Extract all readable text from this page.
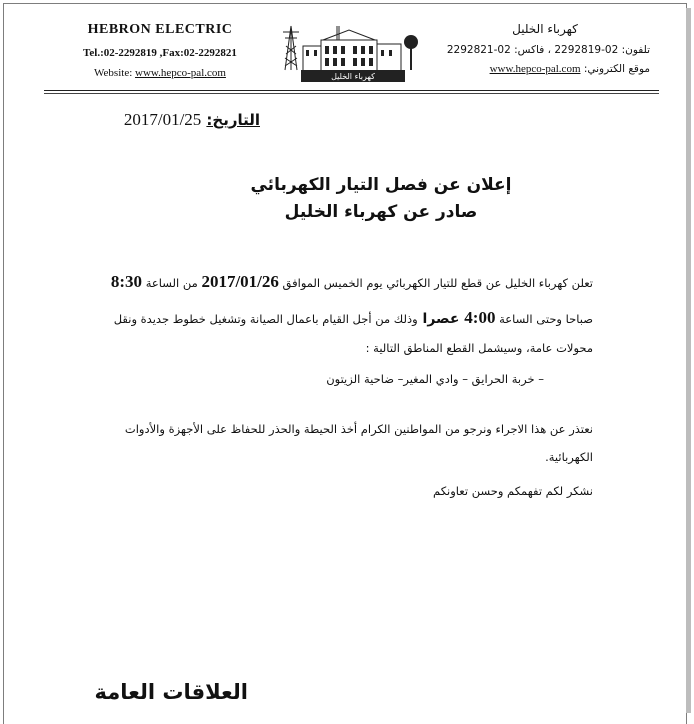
HEBRON ELECTRIC
Tel.:02-2292819 ,Fax:02-2292821
Website: www.hepco-pal.com	كهرباء الخليل
كهرباء الخليل
تلفون: 02-2292819 ، فاكس: 02-2292821
موقع الكتروني: www.hepco-pal.com
التاريخ: 2017/01/25
إعلان عن فصل التيار الكهربائي
صادر عن كهرباء الخليل
تعلن كهرباء الخليل عن قطع للتيار الكهربائي يوم الخميس الموافق 2017/01/26 من الساعة 8:30
صباحا وحتى الساعة 4:00 عصرا وذلك من أجل القيام باعمال الصيانة وتشغيل خطوط جديدة ونقل
محولات عامة، وسيشمل القطع المناطق التالية :
– خربة الحرايق – وادي المغير– ضاحية الزيتون
نعتذر عن هذا الاجراء ونرجو من المواطنين الكرام أخذ الحيطة والحذر للحفاظ على الأجهزة والأدوات
الكهربائية.
نشكر لكم تفهمكم وحسن تعاونكم
العلاقات العامة
